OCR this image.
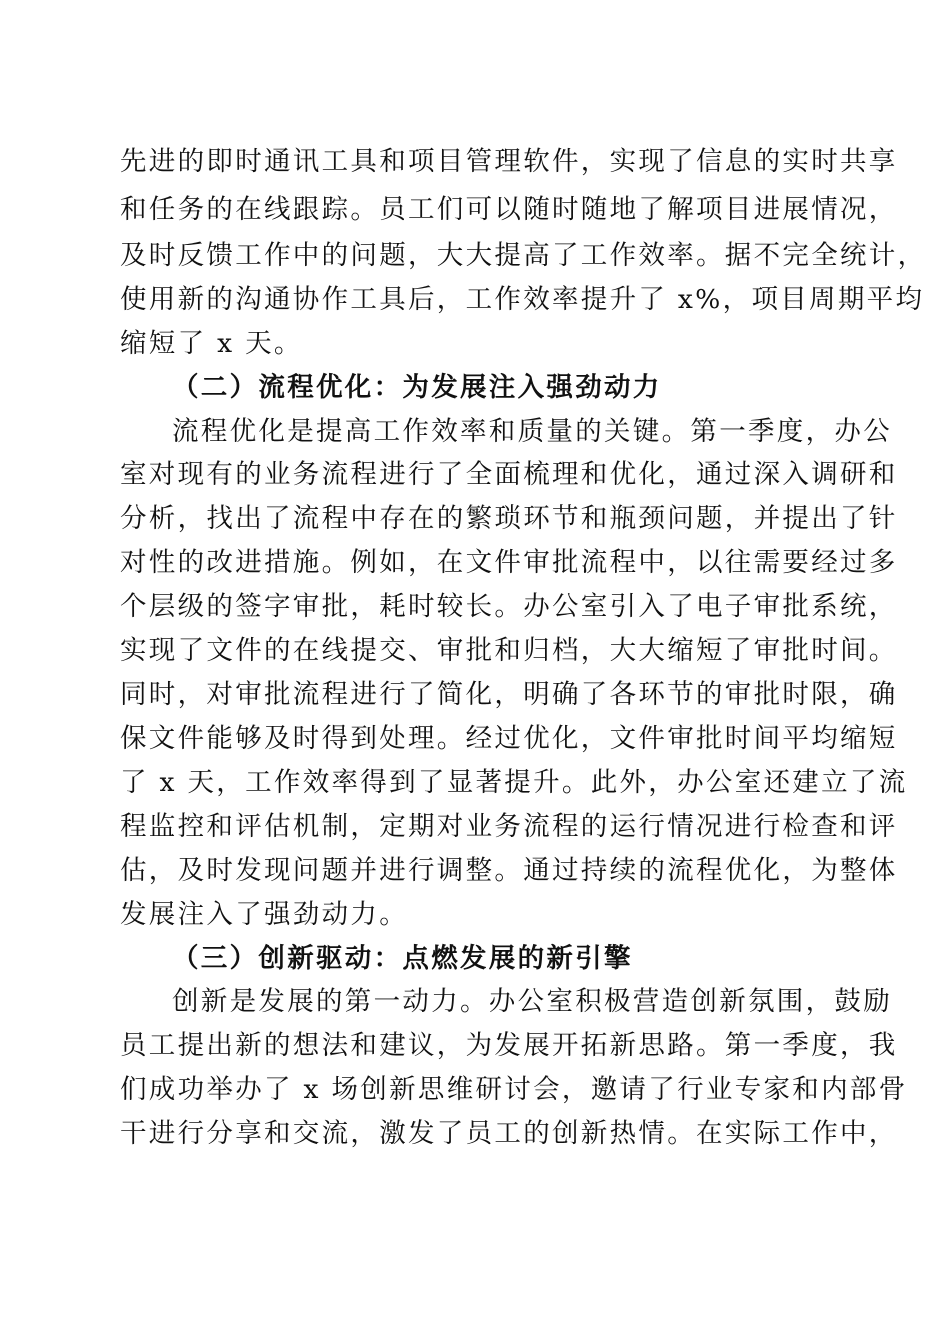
先进的即时通讯工具和项目管理软件，实现了信息的实时共享
和任务的在线跟踪。员工们可以随时随地了解项目进展情况，
及时反馈工作中的问题，大大提高了工作效率。据不完全统计，
使用新的沟通协作工具后，工作效率提升了 x%，项目周期平均
缩短了 x 天。
（二）流程优化：为发展注入强劲动力
流程优化是提高工作效率和质量的关键。第一季度，办公
室对现有的业务流程进行了全面梳理和优化，通过深入调研和
分析，找出了流程中存在的繁琐环节和瓶颈问题，并提出了针
对性的改进措施。例如，在文件审批流程中，以往需要经过多
个层级的签字审批，耗时较长。办公室引入了电子审批系统，
实现了文件的在线提交、审批和归档，大大缩短了审批时间。
同时，对审批流程进行了简化，明确了各环节的审批时限，确
保文件能够及时得到处理。经过优化，文件审批时间平均缩短
了 x 天，工作效率得到了显著提升。此外，办公室还建立了流
程监控和评估机制，定期对业务流程的运行情况进行检查和评
估，及时发现问题并进行调整。通过持续的流程优化，为整体
发展注入了强劲动力。
（三）创新驱动：点燃发展的新引擎
创新是发展的第一动力。办公室积极营造创新氛围，鼓励
员工提出新的想法和建议，为发展开拓新思路。第一季度，我
们成功举办了 x 场创新思维研讨会，邀请了行业专家和内部骨
干进行分享和交流，激发了员工的创新热情。在实际工作中，
